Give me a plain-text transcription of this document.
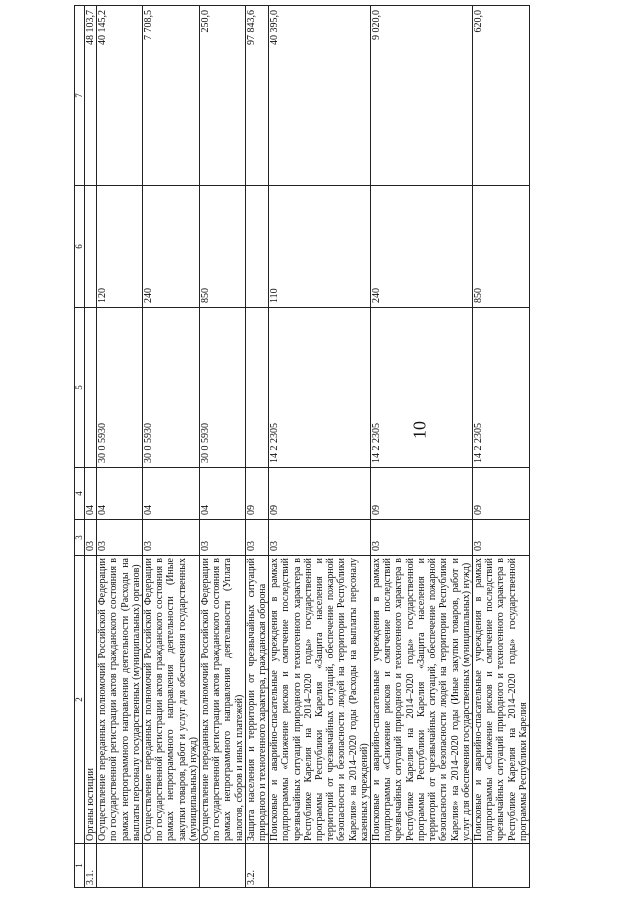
10
1	2	3	4	5	6	7
3.1.	Органы юстиции	03	04			48 103,7
	Осуществление переданных полномочий Российской Федерации по государственной регистрации актов гражданского состояния в рамках непрограммного направления деятельности (Расходы на выплаты персоналу государственных (муниципальных) органов)	03	04	30 0 5930	120	40 145,2
	Осуществление переданных полномочий Российской Федерации по государственной регистрации актов гражданского состояния в рамках непрограммного направления деятельности (Иные закупки товаров, работ и услуг для обеспечения государственных (муниципальных) нужд)	03	04	30 0 5930	240	7 708,5
	Осуществление переданных полномочий Российской Федерации по государственной регистрации актов гражданского состояния в рамках непрограммного направления деятельности (Уплата налогов, сборов и иных платежей)	03	04	30 0 5930	850	250,0
3.2.	Защита населения и территории от чрезвычайных ситуаций природного и техногенного характера, гражданская оборона	03	09			97 843,6
	Поисковые и аварийно-спасательные учреждения в рамках подпрограммы «Снижение рисков и смягчение последствий чрезвычайных ситуаций природного и техногенного характера в Республике Карелия на 2014–2020 годы» государственной программы Республики Карелия «Защита населения и территорий от чрезвычайных ситуаций, обеспечение пожарной безопасности и безопасности людей на территории Республики Карелия» на 2014–2020 годы (Расходы на выплаты персоналу казенных учреждений)	03	09	14 2 2305	110	40 395,0
	Поисковые и аварийно-спасательные учреждения в рамках подпрограммы «Снижение рисков и смягчение последствий чрезвычайных ситуаций природного и техногенного характера в Республике Карелия на 2014–2020 годы» государственной программы Республики Карелия «Защита населения и территорий от чрезвычайных ситуаций, обеспечение пожарной безопасности и безопасности людей на территории Республики Карелия» на 2014–2020 годы (Иные закупки товаров, работ и услуг для обеспечения государственных (муниципальных) нужд)	03	09	14 2 2305	240	9 020,0
	Поисковые и аварийно-спасательные учреждения в рамках подпрограммы «Снижение рисков и смягчение последствий чрезвычайных ситуаций природного и техногенного характера в Республике Карелия на 2014–2020 годы» государственной программы Республики Карелия	03	09	14 2 2305	850	620,0
